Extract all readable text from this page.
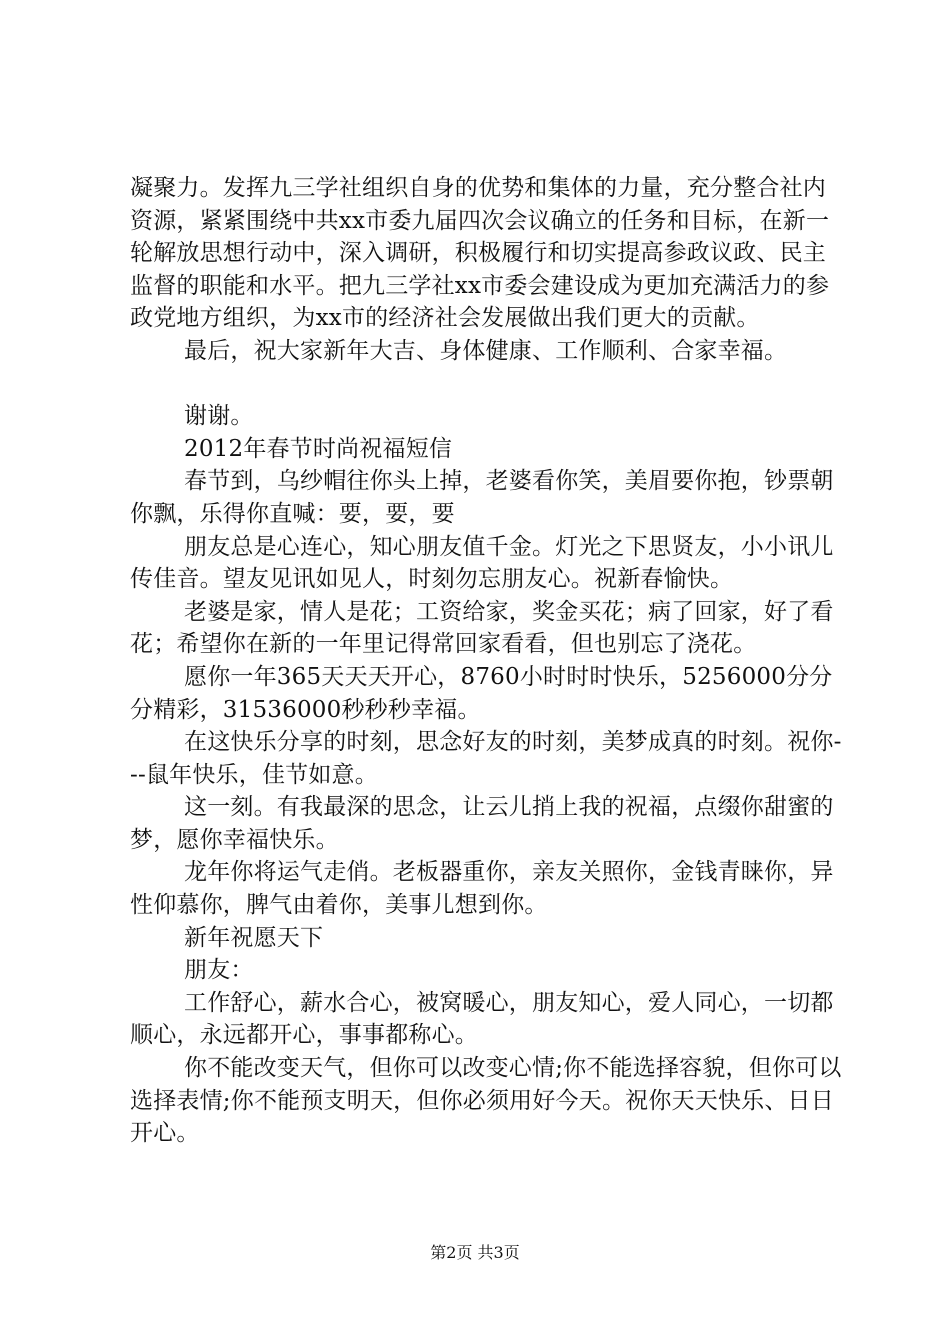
凝聚力。发挥九三学社组织自身的优势和集体的力量，充分整合社内资源，紧紧围绕中共xx市委九届四次会议确立的任务和目标，在新一轮解放思想行动中，深入调研，积极履行和切实提高参政议政、民主监督的职能和水平。把九三学社xx市委会建设成为更加充满活力的参政党地方组织，为xx市的经济社会发展做出我们更大的贡献。

最后，祝大家新年大吉、身体健康、工作顺利、合家幸福。

谢谢。

2012年春节时尚祝福短信

春节到，乌纱帽往你头上掉，老婆看你笑，美眉要你抱，钞票朝你飘，乐得你直喊：要，要，要

朋友总是心连心，知心朋友值千金。灯光之下思贤友，小小讯儿传佳音。望友见讯如见人，时刻勿忘朋友心。祝新春愉快。

老婆是家，情人是花；工资给家，奖金买花；病了回家，好了看花；希望你在新的一年里记得常回家看看，但也别忘了浇花。

愿你一年365天天天开心，8760小时时时快乐，5256000分分分精彩，31536000秒秒秒幸福。

在这快乐分享的时刻，思念好友的时刻，美梦成真的时刻。祝你---鼠年快乐，佳节如意。

这一刻。有我最深的思念，让云儿捎上我的祝福，点缀你甜蜜的梦，愿你幸福快乐。

龙年你将运气走俏。老板器重你，亲友关照你，金钱青睐你，异性仰慕你，脾气由着你，美事儿想到你。

新年祝愿天下

朋友：

工作舒心，薪水合心，被窝暖心，朋友知心，爱人同心，一切都顺心，永远都开心，事事都称心。

你不能改变天气，但你可以改变心情;你不能选择容貌，但你可以选择表情;你不能预支明天，但你必须用好今天。祝你天天快乐、日日开心。

第2页 共3页
